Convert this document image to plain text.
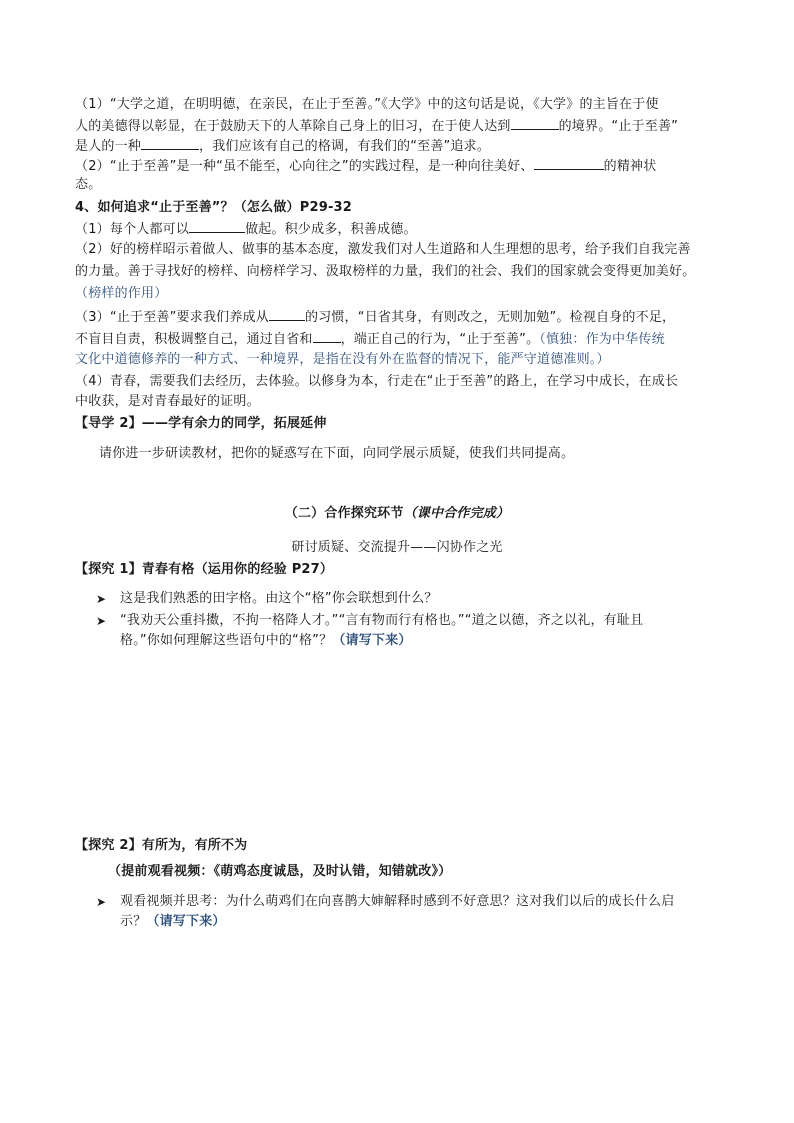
（1）“大学之道，在明明德，在亲民，在止于至善。”《大学》中的这句话是说，《大学》的主旨在于使
人的美德得以彰显，在于鼓励天下的人革除自己身上的旧习，在于使人达到	的境界。“止于至善”
是人的一种	，我们应该有自己的格调，有我们的“至善”追求。
（2）“止于至善”是一种“虽不能至，心向往之”的实践过程，是一种向往美好、	的精神状
态。
4、如何追求“止于至善”？（怎么做）P29-32
（1）每个人都可以	做起。积少成多，积善成德。
（2）好的榜样昭示着做人、做事的基本态度，激发我们对人生道路和人生理想的思考，给予我们自我完善
的力量。善于寻找好的榜样、向榜样学习、汲取榜样的力量，我们的社会、我们的国家就会变得更加美好。
（榜样的作用）
（3）“止于至善”要求我们养成从	的习惯，“日省其身，有则改之，无则加勉”。检视自身的不足，
不盲目自责，积极调整自己，通过自省和 ，端正自己的行为，“止于至善”。（慎独：作为中华传统
文化中道德修养的一种方式、一种境界，是指在没有外在监督的情况下，能严守道德准则。）
（4）青春，需要我们去经历，去体验。以修身为本，行走在“止于至善”的路上，在学习中成长，在成长
中收获，是对青春最好的证明。
【导学 2】——学有余力的同学，拓展延伸
请你进一步研读教材，把你的疑惑写在下面，向同学展示质疑，使我们共同提高。
（二）合作探究环节（课中合作完成）
研讨质疑、交流提升——闪协作之光
【探究 1】青春有格（运用你的经验 P27）
➤ 这是我们熟悉的田字格。由这个“格”你会联想到什么？
➤ “我劝天公重抖擞，不拘一格降人才。”“言有物而行有格也。”“道之以德，齐之以礼，有耻且
格。”你如何理解这些语句中的“格”？（请写下来）
【探究 2】有所为，有所不为
（提前观看视频：《萌鸡态度诚恳，及时认错，知错就改》）
➤ 观看视频并思考：为什么萌鸡们在向喜鹊大婶解释时感到不好意思？这对我们以后的成长什么启
示？（请写下来）
